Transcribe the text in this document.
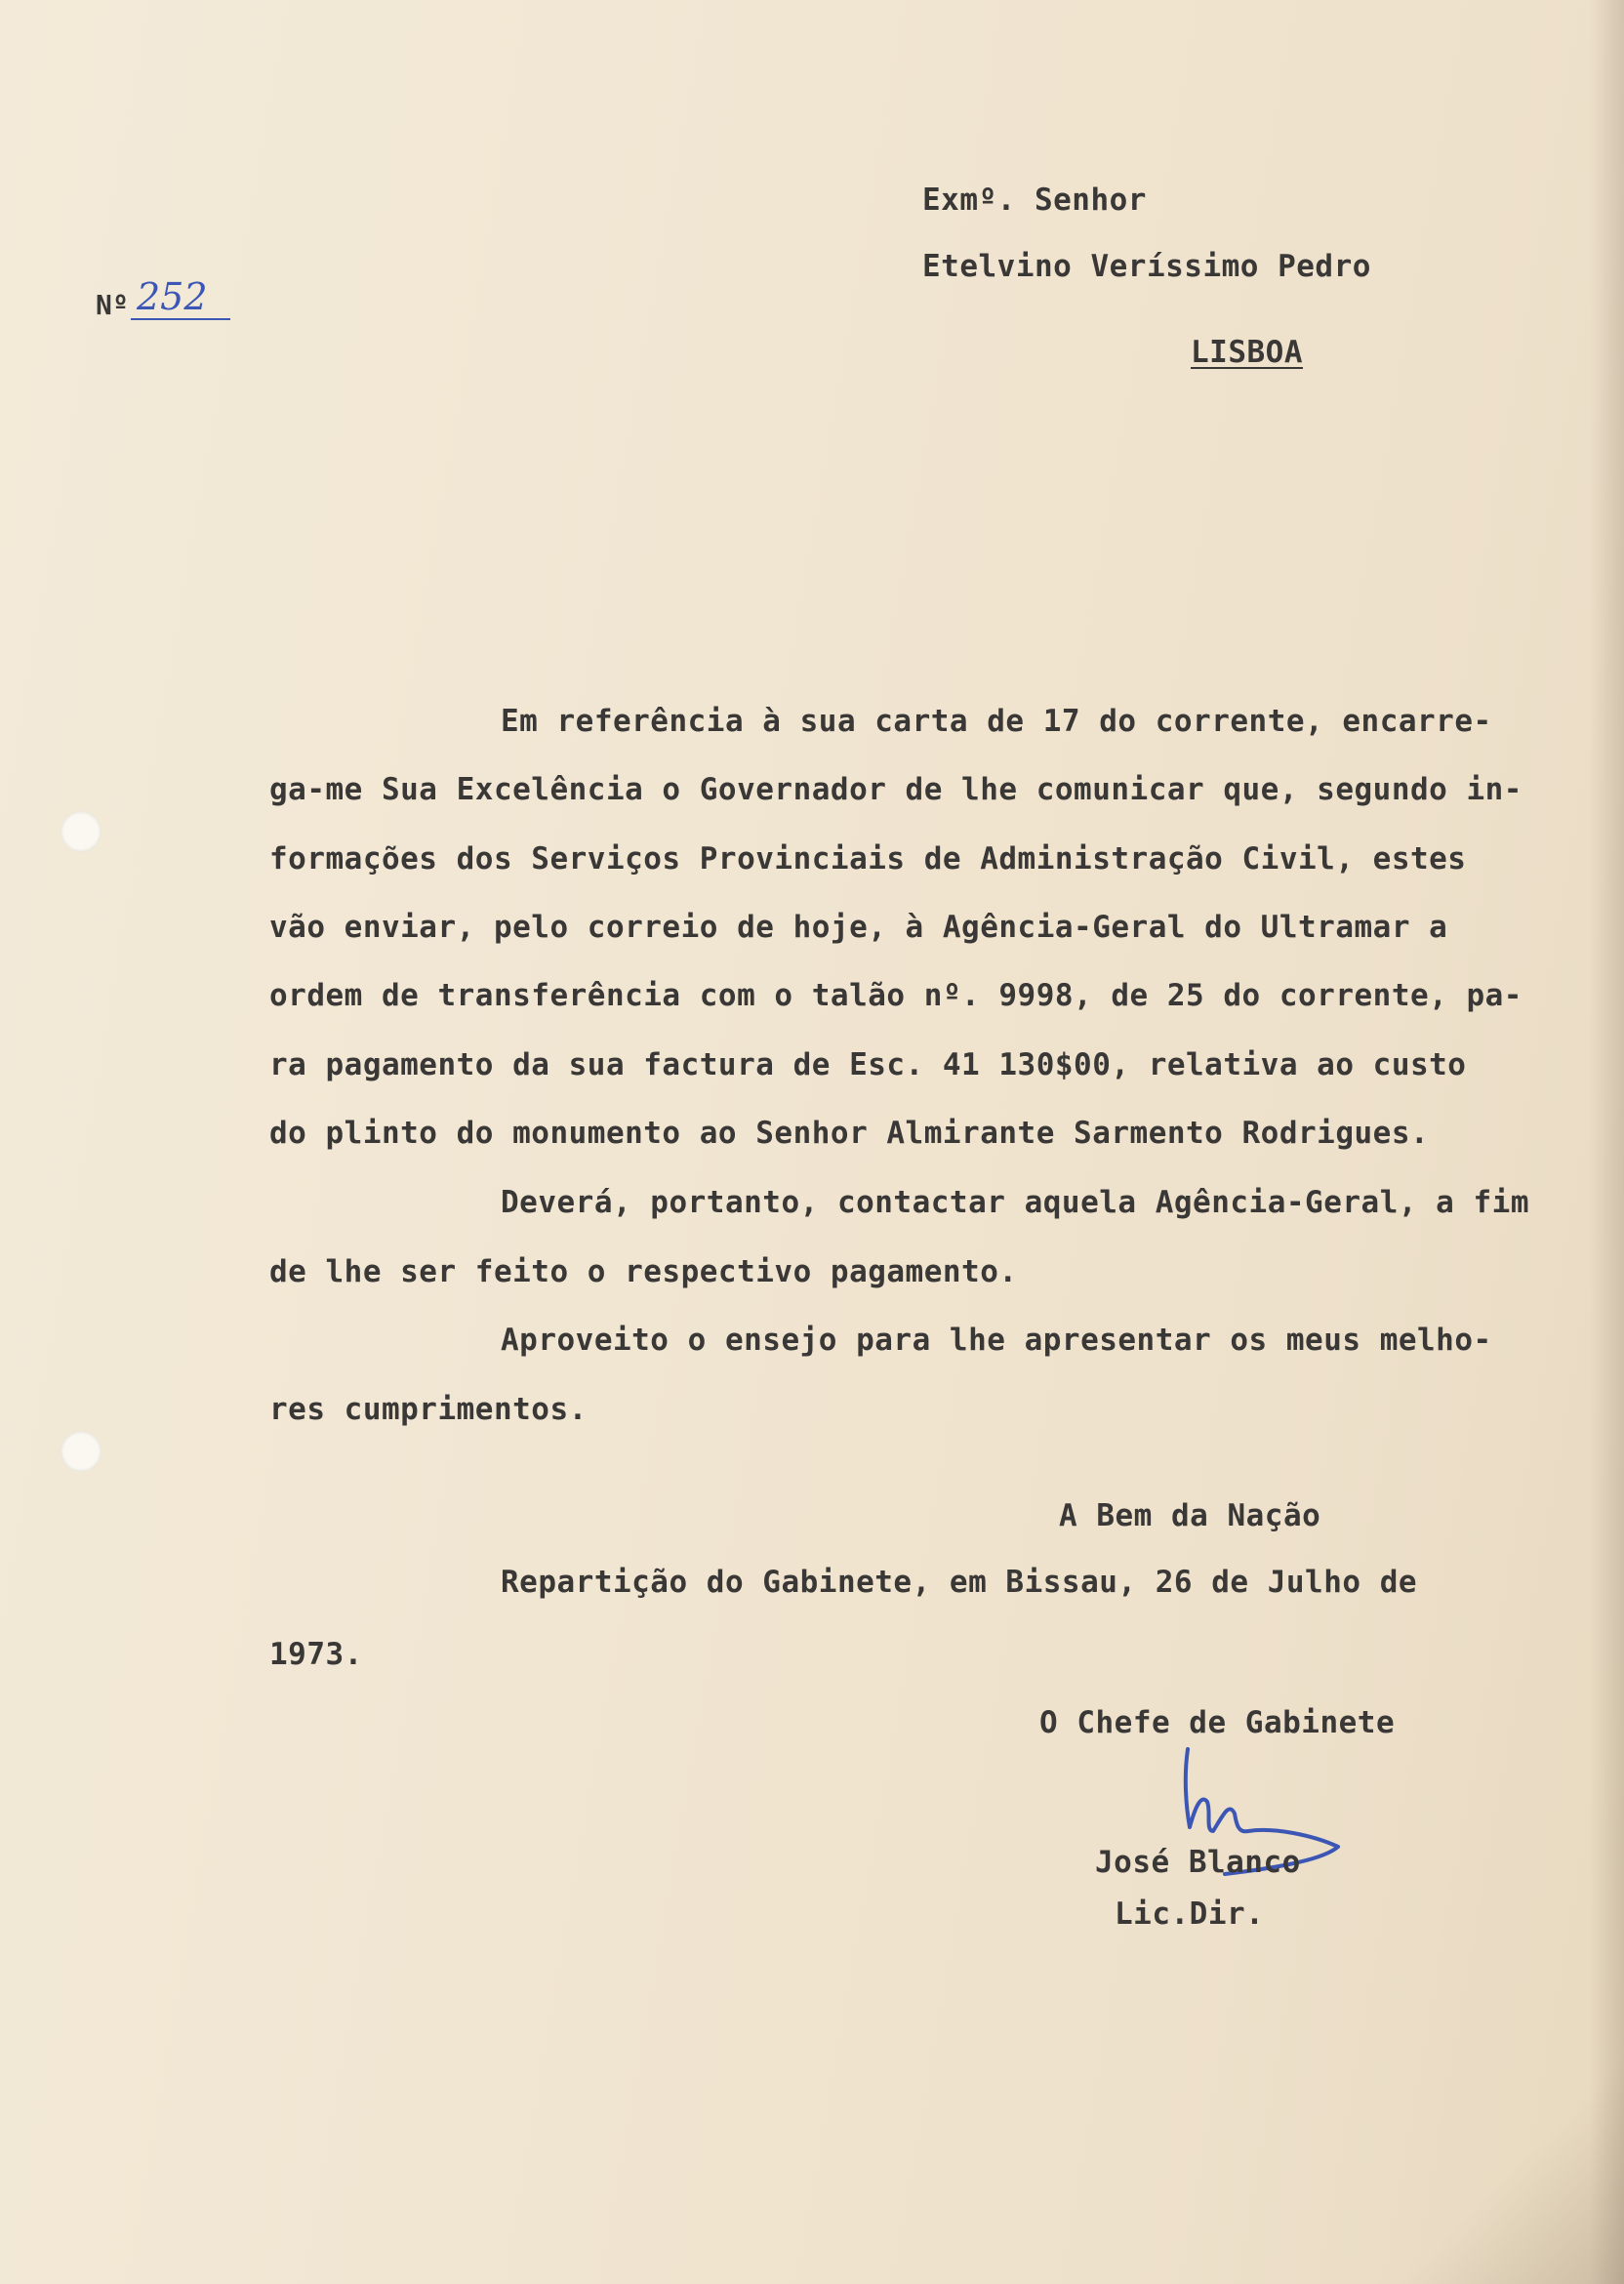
Nº 252
Exmº. Senhor
Etelvino Veríssimo Pedro
LISBOA
Em referência à sua carta de 17 do corrente, encarre-
ga-me Sua Excelência o Governador de lhe comunicar que, segundo in-
formações dos Serviços Provinciais de Administração Civil, estes
vão enviar, pelo correio de hoje, à Agência-Geral do Ultramar a
ordem de transferência com o talão nº. 9998, de 25 do corrente, pa-
ra pagamento da sua factura de Esc. 41 130$00, relativa ao custo
do plinto do monumento ao Senhor Almirante Sarmento Rodrigues.
Deverá, portanto, contactar aquela Agência-Geral, a fim
de lhe ser feito o respectivo pagamento.
Aproveito o ensejo para lhe apresentar os meus melho-
res cumprimentos.
A Bem da Nação
Repartição do Gabinete, em Bissau, 26 de Julho de
1973.
O Chefe de Gabinete
José Blanco
Lic.Dir.
